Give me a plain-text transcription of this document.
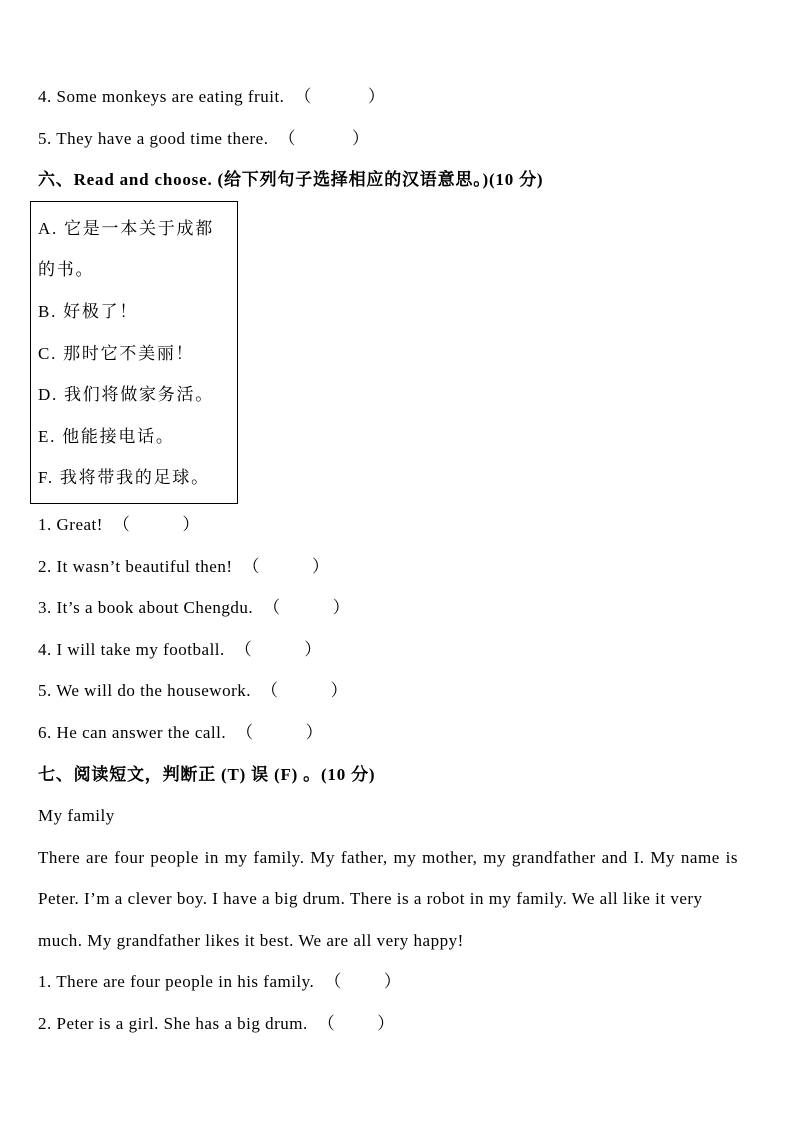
4. Some monkeys are eating fruit. （	）
5. They have a good time there. （	）
六、Read and choose. (给下列句子选择相应的汉语意思。)(10 分)
A. 它是一本关于成都
的书。
B. 好极了！
C. 那时它不美丽！
D. 我们将做家务活。
E. 他能接电话。
F. 我将带我的足球。
1. Great! （	）
2. It wasn’t beautiful then! （	）
3. It’s a book about Chengdu. （	）
4. I will take my football. （	）
5. We will do the housework. （	）
6. He can answer the call. （	）
七、阅读短文，判断正 (T) 误 (F) 。(10 分)
My family
There are four people in my family. My father, my mother, my grandfather and I. My name is
Peter. I’m a clever boy. I have a big drum. There is a robot in my family. We all like it very
much. My grandfather likes it best. We are all very happy!
1. There are four people in his family. （ ）
2. Peter is a girl. She has a big drum. （ ）
